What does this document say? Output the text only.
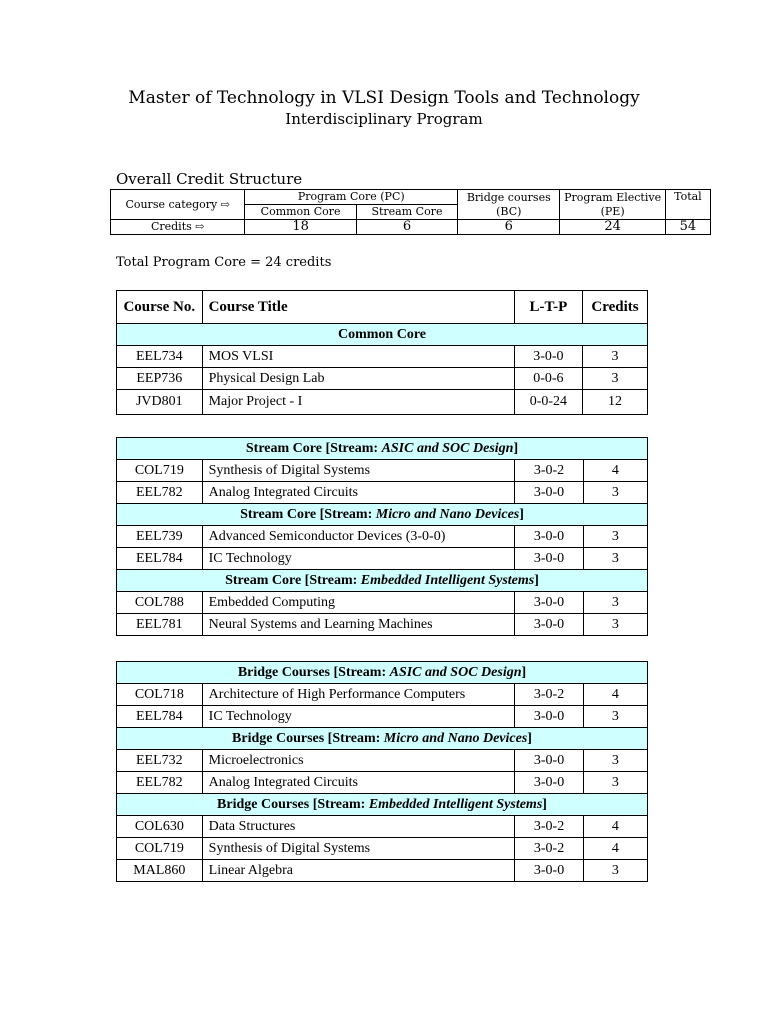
Master of Technology in VLSI Design Tools and Technology
Interdisciplinary Program
Overall Credit Structure
Course category ⇨	Program Core (PC)		Bridge courses (BC)	Program Elective (PE)	Total
	Common Core	Stream Core			
Credits ⇨	18	6	6	24	54
Total Program Core = 24 credits
Course No.	Course Title	L-T-P	Credits
Common Core			
EEL734	MOS VLSI	3-0-0	3
EEP736	Physical Design Lab	0-0-6	3
JVD801	Major Project - I	0-0-24	12
Stream Core [Stream: ASIC and SOC Design]			
COL719	Synthesis of Digital Systems	3-0-2	4
EEL782	Analog Integrated Circuits	3-0-0	3
Stream Core [Stream: Micro and Nano Devices]			
EEL739	Advanced Semiconductor Devices (3-0-0)	3-0-0	3
EEL784	IC Technology	3-0-0	3
Stream Core [Stream: Embedded Intelligent Systems]			
COL788	Embedded Computing	3-0-0	3
EEL781	Neural Systems and Learning Machines	3-0-0	3
Bridge Courses [Stream: ASIC and SOC Design]			
COL718	Architecture of High Performance Computers	3-0-2	4
EEL784	IC Technology	3-0-0	3
Bridge Courses [Stream: Micro and Nano Devices]			
EEL732	Microelectronics	3-0-0	3
EEL782	Analog Integrated Circuits	3-0-0	3
Bridge Courses [Stream: Embedded Intelligent Systems]			
COL630	Data Structures	3-0-2	4
COL719	Synthesis of Digital Systems	3-0-2	4
MAL860	Linear Algebra	3-0-0	3
